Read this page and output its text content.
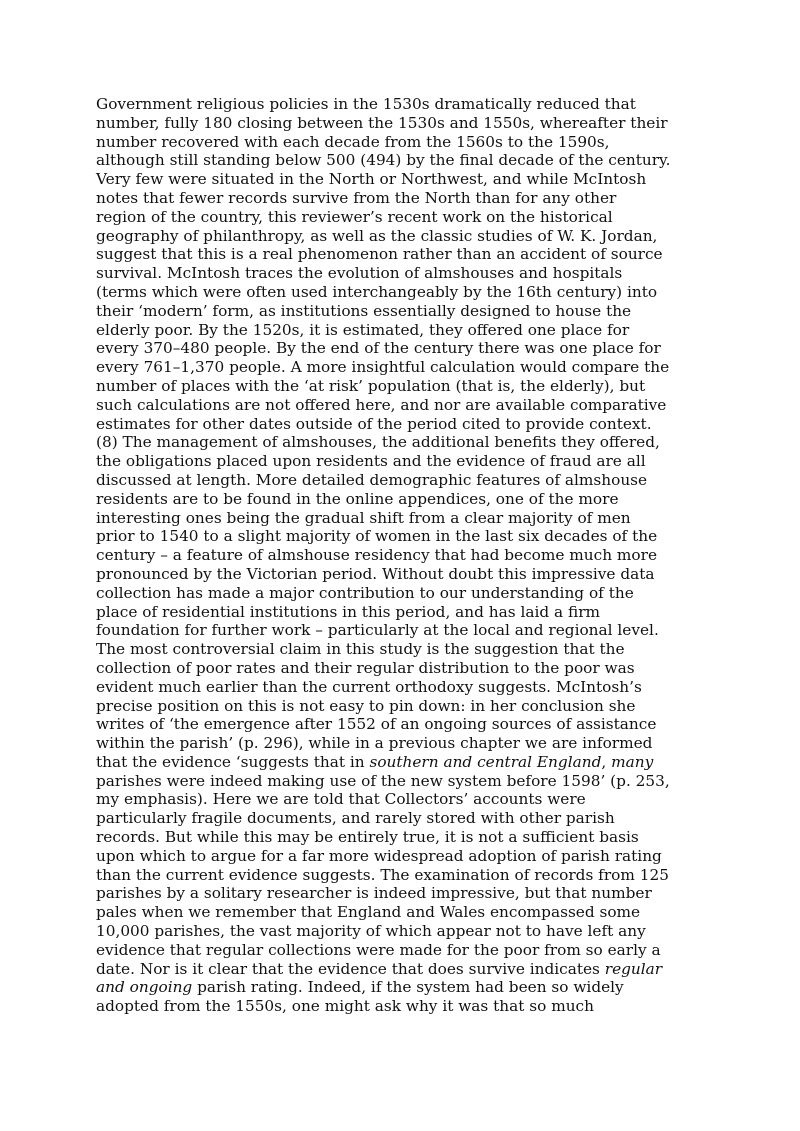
Government religious policies in the 1530s dramatically reduced that
number, fully 180 closing between the 1530s and 1550s, whereafter their
number recovered with each decade from the 1560s to the 1590s,
although still standing below 500 (494) by the final decade of the century.
Very few were situated in the North or Northwest, and while McIntosh
notes that fewer records survive from the North than for any other
region of the country, this reviewer’s recent work on the historical
geography of philanthropy, as well as the classic studies of W. K. Jordan,
suggest that this is a real phenomenon rather than an accident of source
survival. McIntosh traces the evolution of almshouses and hospitals
(terms which were often used interchangeably by the 16th century) into
their ‘modern’ form, as institutions essentially designed to house the
elderly poor. By the 1520s, it is estimated, they offered one place for
every 370–480 people. By the end of the century there was one place for
every 761–1,370 people. A more insightful calculation would compare the
number of places with the ‘at risk’ population (that is, the elderly), but
such calculations are not offered here, and nor are available comparative
estimates for other dates outside of the period cited to provide context.
(8) The management of almshouses, the additional benefits they offered,
the obligations placed upon residents and the evidence of fraud are all
discussed at length. More detailed demographic features of almshouse
residents are to be found in the online appendices, one of the more
interesting ones being the gradual shift from a clear majority of men
prior to 1540 to a slight majority of women in the last six decades of the
century – a feature of almshouse residency that had become much more
pronounced by the Victorian period. Without doubt this impressive data
collection has made a major contribution to our understanding of the
place of residential institutions in this period, and has laid a firm
foundation for further work – particularly at the local and regional level.
The most controversial claim in this study is the suggestion that the
collection of poor rates and their regular distribution to the poor was
evident much earlier than the current orthodoxy suggests. McIntosh’s
precise position on this is not easy to pin down: in her conclusion she
writes of ‘the emergence after 1552 of an ongoing sources of assistance
within the parish’ (p. 296), while in a previous chapter we are informed
that the evidence ‘suggests that in southern and central England, many
parishes were indeed making use of the new system before 1598’ (p. 253,
my emphasis). Here we are told that Collectors’ accounts were
particularly fragile documents, and rarely stored with other parish
records. But while this may be entirely true, it is not a sufficient basis
upon which to argue for a far more widespread adoption of parish rating
than the current evidence suggests. The examination of records from 125
parishes by a solitary researcher is indeed impressive, but that number
pales when we remember that England and Wales encompassed some
10,000 parishes, the vast majority of which appear not to have left any
evidence that regular collections were made for the poor from so early a
date. Nor is it clear that the evidence that does survive indicates regular
and ongoing parish rating. Indeed, if the system had been so widely
adopted from the 1550s, one might ask why it was that so much
